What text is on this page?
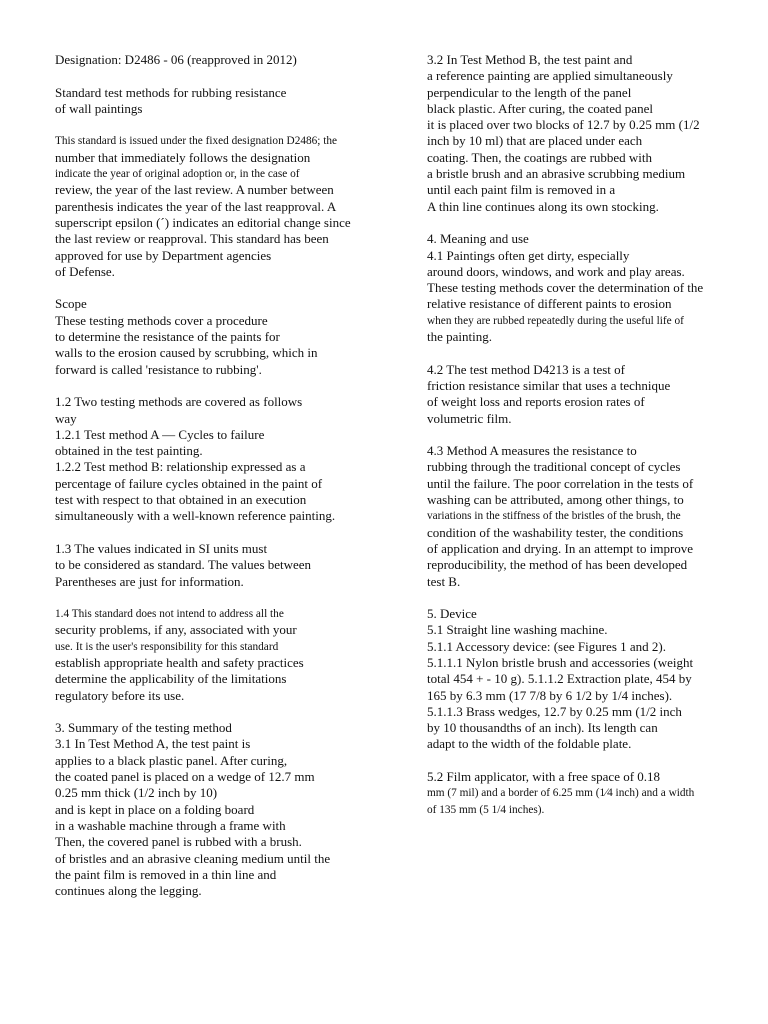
Designation: D2486 - 06 (reapproved in 2012)
Standard test methods for rubbing resistance
of wall paintings
This standard is issued under the fixed designation D2486; the
number that immediately follows the designation
indicate the year of original adoption or, in the case of
review, the year of the last review. A number between
parenthesis indicates the year of the last reapproval. A
superscript epsilon (´) indicates an editorial change since
the last review or reapproval. This standard has been
approved for use by Department agencies
of Defense.
Scope
These testing methods cover a procedure
to determine the resistance of the paints for
walls to the erosion caused by scrubbing, which in
forward is called 'resistance to rubbing'.
1.2 Two testing methods are covered as follows
way
1.2.1 Test method A — Cycles to failure
obtained in the test painting.
1.2.2 Test method B: relationship expressed as a
percentage of failure cycles obtained in the paint of
test with respect to that obtained in an execution
simultaneously with a well-known reference painting.
1.3 The values indicated in SI units must
to be considered as standard. The values between
Parentheses are just for information.
1.4 This standard does not intend to address all the
security problems, if any, associated with your
use. It is the user's responsibility for this standard
establish appropriate health and safety practices
determine the applicability of the limitations
regulatory before its use.
3. Summary of the testing method
3.1 In Test Method A, the test paint is
applies to a black plastic panel. After curing,
the coated panel is placed on a wedge of 12.7 mm
0.25 mm thick (1/2 inch by 10)
and is kept in place on a folding board
in a washable machine through a frame with
Then, the covered panel is rubbed with a brush.
of bristles and an abrasive cleaning medium until the
the paint film is removed in a thin line and
continues along the legging.
3.2 In Test Method B, the test paint and
a reference painting are applied simultaneously
perpendicular to the length of the panel
black plastic. After curing, the coated panel
it is placed over two blocks of 12.7 by 0.25 mm (1/2
inch by 10 ml) that are placed under each
coating. Then, the coatings are rubbed with
a bristle brush and an abrasive scrubbing medium
until each paint film is removed in a
A thin line continues along its own stocking.
4. Meaning and use
4.1 Paintings often get dirty, especially
around doors, windows, and work and play areas.
These testing methods cover the determination of the
relative resistance of different paints to erosion
when they are rubbed repeatedly during the useful life of
the painting.
4.2 The test method D4213 is a test of
friction resistance similar that uses a technique
of weight loss and reports erosion rates of
volumetric film.
4.3 Method A measures the resistance to
rubbing through the traditional concept of cycles
until the failure. The poor correlation in the tests of
washing can be attributed, among other things, to
variations in the stiffness of the bristles of the brush, the
condition of the washability tester, the conditions
of application and drying. In an attempt to improve
reproducibility, the method of has been developed
test B.
5. Device
5.1 Straight line washing machine.
5.1.1 Accessory device: (see Figures 1 and 2).
5.1.1.1 Nylon bristle brush and accessories (weight
total 454 + - 10 g). 5.1.1.2 Extraction plate, 454 by
165 by 6.3 mm (17 7/8 by 6 1/2 by 1/4 inches).
5.1.1.3 Brass wedges, 12.7 by 0.25 mm (1/2 inch
by 10 thousandths of an inch). Its length can
adapt to the width of the foldable plate.
5.2 Film applicator, with a free space of 0.18
mm (7 mil) and a border of 6.25 mm (1⁄4 inch) and a width
of 135 mm (5 1/4 inches).
